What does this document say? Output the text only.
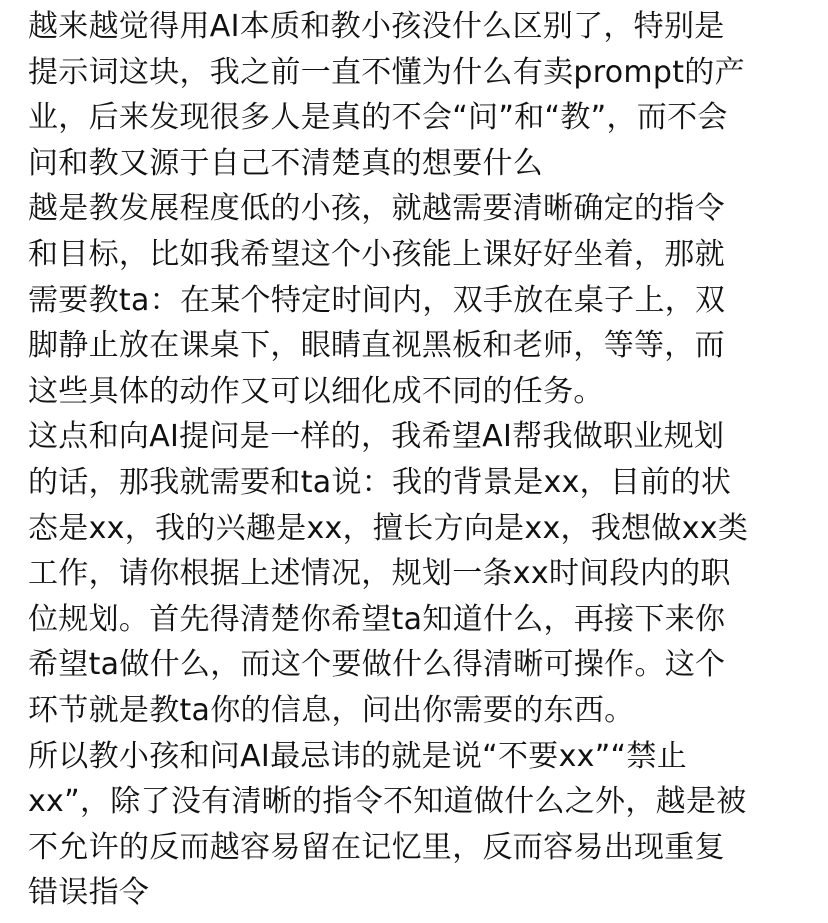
越来越觉得用AI本质和教小孩没什么区别了，特别是
提示词这块，我之前一直不懂为什么有卖prompt的产
业，后来发现很多人是真的不会“问”和“教”，而不会
问和教又源于自己不清楚真的想要什么
越是教发展程度低的小孩，就越需要清晰确定的指令
和目标，比如我希望这个小孩能上课好好坐着，那就
需要教ta：在某个特定时间内，双手放在桌子上，双
脚静止放在课桌下，眼睛直视黑板和老师，等等，而
这些具体的动作又可以细化成不同的任务。
这点和向AI提问是一样的，我希望AI帮我做职业规划
的话，那我就需要和ta说：我的背景是xx，目前的状
态是xx，我的兴趣是xx，擅长方向是xx，我想做xx类
工作，请你根据上述情况，规划一条xx时间段内的职
位规划。首先得清楚你希望ta知道什么，再接下来你
希望ta做什么，而这个要做什么得清晰可操作。这个
环节就是教ta你的信息，问出你需要的东西。
所以教小孩和问AI最忌讳的就是说“不要xx”“禁止
xx”，除了没有清晰的指令不知道做什么之外，越是被
不允许的反而越容易留在记忆里，反而容易出现重复
错误指令
